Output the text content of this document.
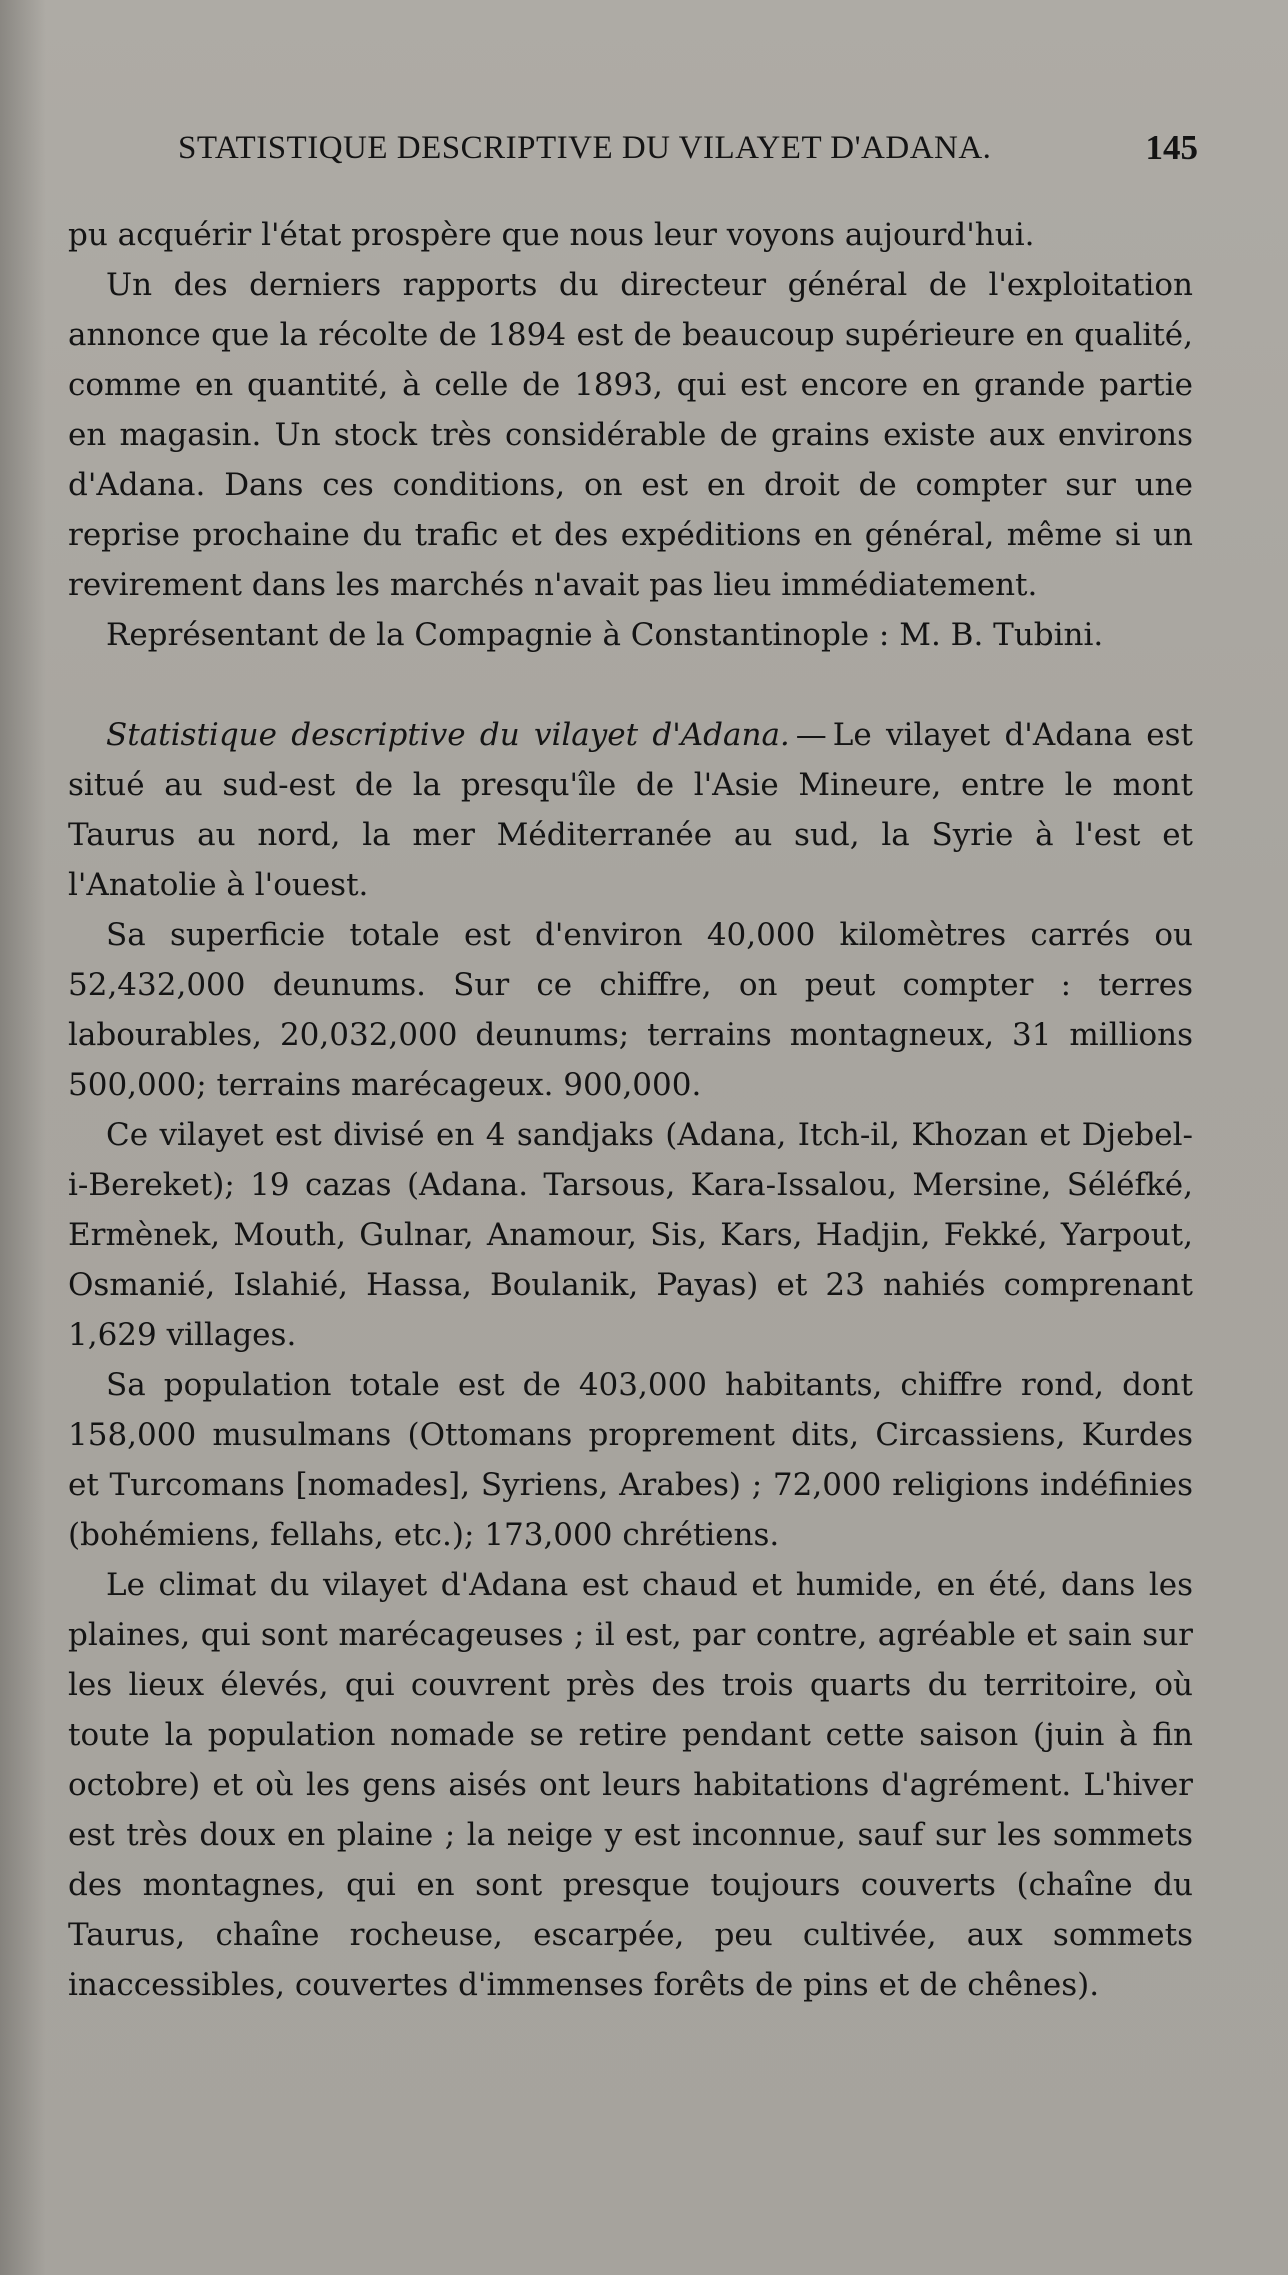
STATISTIQUE DESCRIPTIVE DU VILAYET D'ADANA.	145

pu acquérir l'état prospère que nous leur voyons aujourd'hui.

Un des derniers rapports du directeur général de l'exploitation annonce que la récolte de 1894 est de beaucoup supérieure en qualité, comme en quantité, à celle de 1893, qui est encore en grande partie en magasin. Un stock très considérable de grains existe aux environs d'Adana. Dans ces conditions, on est en droit de compter sur une reprise prochaine du trafic et des expéditions en général, même si un revirement dans les marchés n'avait pas lieu immédiatement.

Représentant de la Compagnie à Constantinople : M. B. Tubini.

Statistique descriptive du vilayet d'Adana. — Le vilayet d'Adana est situé au sud-est de la presqu'île de l'Asie Mineure, entre le mont Taurus au nord, la mer Méditerranée au sud, la Syrie à l'est et l'Anatolie à l'ouest.

Sa superficie totale est d'environ 40,000 kilomètres carrés ou 52,432,000 deunums. Sur ce chiffre, on peut compter : terres labourables, 20,032,000 deunums; terrains montagneux, 31 millions 500,000; terrains marécageux. 900,000.

Ce vilayet est divisé en 4 sandjaks (Adana, Itch-il, Khozan et Djebel-i-Bereket); 19 cazas (Adana. Tarsous, Kara-Issalou, Mersine, Séléfké, Ermènek, Mouth, Gulnar, Anamour, Sis, Kars, Hadjin, Fekké, Yarpout, Osmanié, Islahié, Hassa, Boulanik, Payas) et 23 nahiés comprenant 1,629 villages.

Sa population totale est de 403,000 habitants, chiffre rond, dont 158,000 musulmans (Ottomans proprement dits, Circassiens, Kurdes et Turcomans [nomades], Syriens, Arabes) ; 72,000 religions indéfinies (bohémiens, fellahs, etc.); 173,000 chrétiens.

Le climat du vilayet d'Adana est chaud et humide, en été, dans les plaines, qui sont marécageuses ; il est, par contre, agréable et sain sur les lieux élevés, qui couvrent près des trois quarts du territoire, où toute la population nomade se retire pendant cette saison (juin à fin octobre) et où les gens aisés ont leurs habitations d'agrément. L'hiver est très doux en plaine ; la neige y est inconnue, sauf sur les sommets des montagnes, qui en sont presque toujours couverts (chaîne du Taurus, chaîne rocheuse, escarpée, peu cultivée, aux sommets inaccessibles, couvertes d'immenses forêts de pins et de chênes).
